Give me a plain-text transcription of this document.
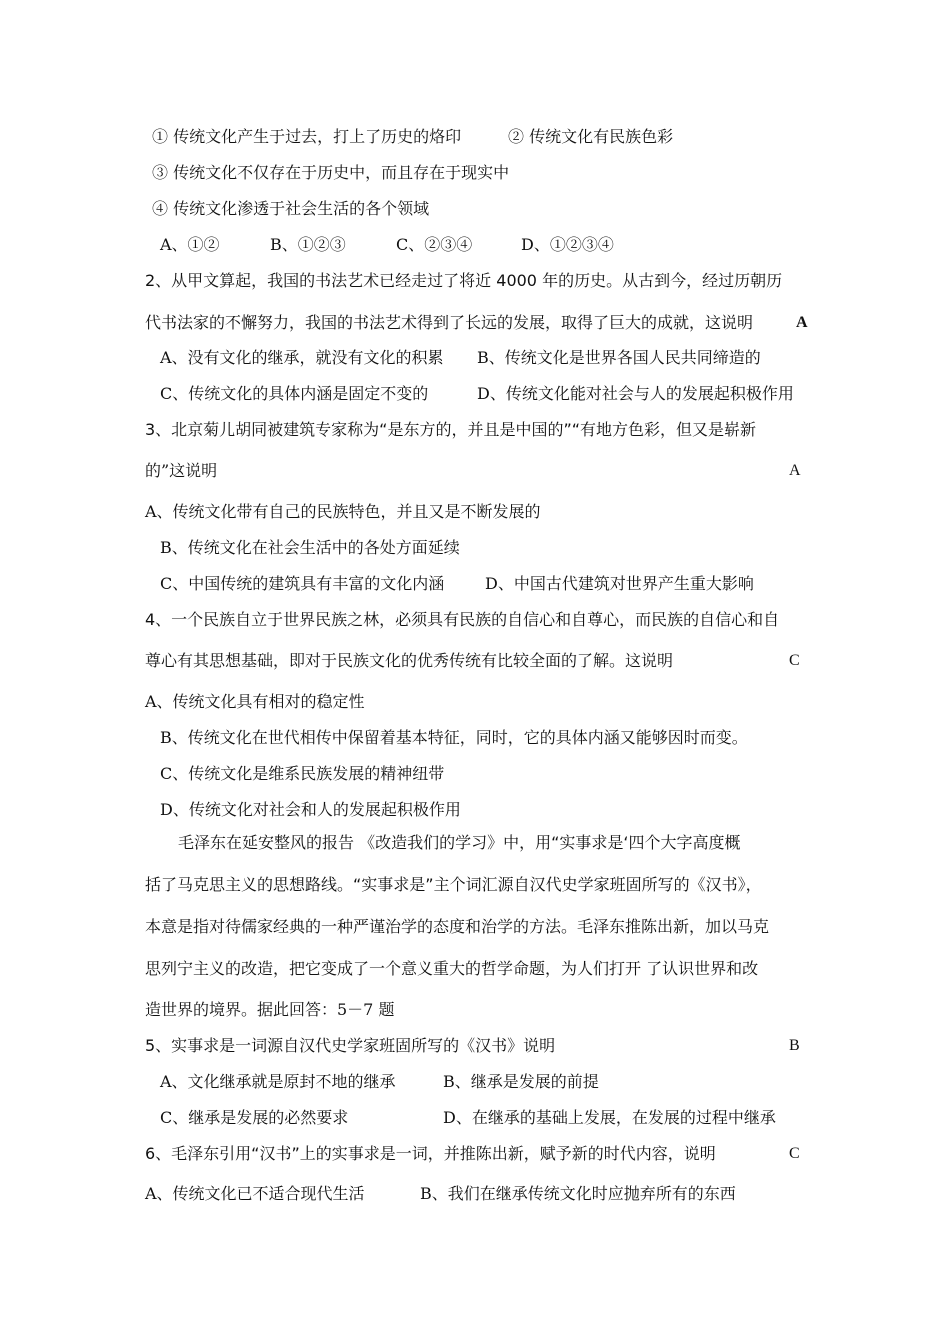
① 传统文化产生于过去，打上了历史的烙印	② 传统文化有民族色彩
③ 传统文化不仅存在于历史中，而且存在于现实中
④ 传统文化渗透于社会生活的各个领域
A、①②	B、①②③	C、②③④	D、①②③④
2、从甲文算起，我国的书法艺术已经走过了将近 4000 年的历史。从古到今，经过历朝历
代书法家的不懈努力，我国的书法艺术得到了长远的发展，取得了巨大的成就，这说明	A
A、没有文化的继承，就没有文化的积累 B、传统文化是世界各国人民共同缔造的
C、传统文化的具体内涵是固定不变的	D、传统文化能对社会与人的发展起积极作用
3、北京菊儿胡同被建筑专家称为“是东方的，并且是中国的”“有地方色彩，但又是崭新
的”这说明	A
A、传统文化带有自己的民族特色，并且又是不断发展的
B、传统文化在社会生活中的各处方面延续
C、中国传统的建筑具有丰富的文化内涵	D、中国古代建筑对世界产生重大影响
4、一个民族自立于世界民族之林，必须具有民族的自信心和自尊心，而民族的自信心和自
尊心有其思想基础，即对于民族文化的优秀传统有比较全面的了解。这说明	C
A、传统文化具有相对的稳定性
B、传统文化在世代相传中保留着基本特征，同时，它的具体内涵又能够因时而变。
C、传统文化是维系民族发展的精神纽带
D、传统文化对社会和人的发展起积极作用
毛泽东在延安整风的报告 《改造我们的学习》中，用“实事求是‘四个大字高度概
括了马克思主义的思想路线。“实事求是”主个词汇源自汉代史学家班固所写的《汉书》，
本意是指对待儒家经典的一种严谨治学的态度和治学的方法。毛泽东推陈出新，加以马克
思列宁主义的改造，把它变成了一个意义重大的哲学命题，为人们打开 了认识世界和改
造世界的境界。据此回答：5－7 题
5、实事求是一词源自汉代史学家班固所写的《汉书》说明	B
A、文化继承就是原封不地的继承	B、继承是发展的前提
C、继承是发展的必然要求	D、在继承的基础上发展，在发展的过程中继承
6、毛泽东引用“汉书”上的实事求是一词，并推陈出新，赋予新的时代内容，说明	C
A、传统文化已不适合现代生活	B、我们在继承传统文化时应抛弃所有的东西
